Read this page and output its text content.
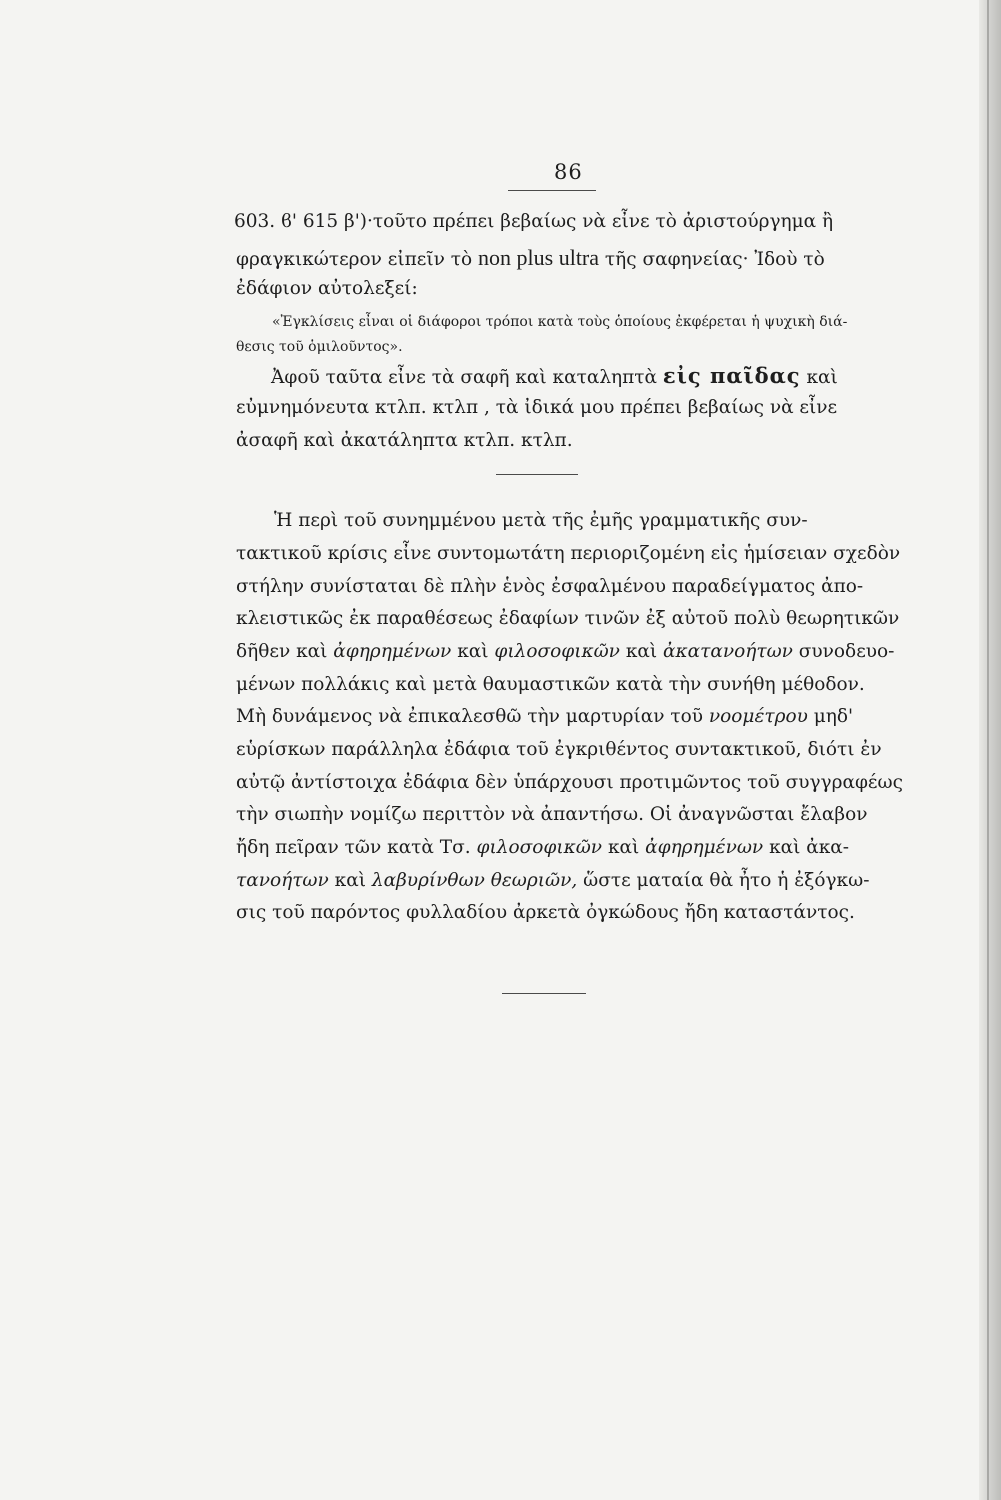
86
603. ϐ' 615 β')·τοῦτο πρέπει βεβαίως νὰ εἶνε τὸ ἀριστούργημα ἢ
φραγκικώτερον εἰπεῖν τὸ non plus ultra τῆς σαφηνείας· Ἰδοὺ τὸ
ἐδάφιον αὐτολεξεί:
«Ἐγκλίσεις εἶναι οἱ διάφοροι τρόποι κατὰ τοὺς ὁποίους ἐκφέρεται ἡ ψυχικὴ διά-
θεσις τοῦ ὁμιλοῦντος».
Ἀφοῦ ταῦτα εἶνε τὰ σαφῆ καὶ καταληπτὰ εἰς παῖδας καὶ
εὐμνημόνευτα κτλπ. κτλπ , τὰ ἰδικά μου πρέπει βεβαίως νὰ εἶνε
ἀσαφῆ καὶ ἀκατάληπτα κτλπ. κτλπ.
Ἡ περὶ τοῦ συνημμένου μετὰ τῆς ἐμῆς γραμματικῆς συν-
τακτικοῦ κρίσις εἶνε συντομωτάτη περιοριζομένη εἰς ἡμίσειαν σχεδὸν
στήλην συνίσταται δὲ πλὴν ἑνὸς ἐσφαλμένου παραδείγματος ἀπο-
κλειστικῶς ἐκ παραθέσεως ἐδαφίων τινῶν ἐξ αὐτοῦ πολὺ θεωρητικῶν
δῆθεν καὶ ἀφηρημένων καὶ φιλοσοφικῶν καὶ ἀκατανοήτων συνοδευο-
μένων πολλάκις καὶ μετὰ θαυμαστικῶν κατὰ τὴν συνήθη μέθοδον.
Μὴ δυνάμενος νὰ ἐπικαλεσθῶ τὴν μαρτυρίαν τοῦ νοομέτρου μηδ'
εὑρίσκων παράλληλα ἐδάφια τοῦ ἐγκριθέντος συντακτικοῦ, διότι ἐν
αὐτῷ ἀντίστοιχα ἐδάφια δὲν ὑπάρχουσι προτιμῶντος τοῦ συγγραφέως
τὴν σιωπὴν νομίζω περιττὸν νὰ ἀπαντήσω. Οἱ ἀναγνῶσται ἔλαβον
ἤδη πεῖραν τῶν κατὰ Τσ. φιλοσοφικῶν καὶ ἀφηρημένων καὶ ἀκα-
τανοήτων καὶ λαβυρίνθων θεωριῶν, ὥστε ματαία θὰ ἦτο ἡ ἐξόγκω-
σις τοῦ παρόντος φυλλαδίου ἀρκετὰ ὀγκώδους ἤδη καταστάντος.
